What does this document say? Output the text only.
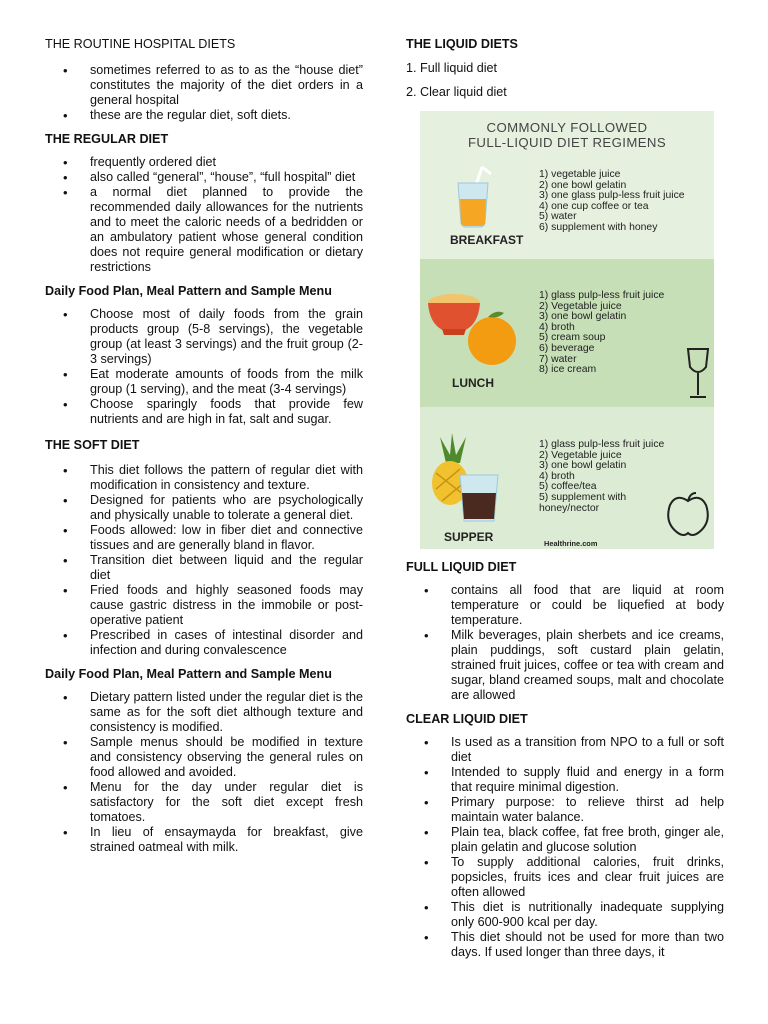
THE ROUTINE HOSPITAL DIETS
• sometimes referred to as to as the “house diet” constitutes the majority of the diet orders in a general hospital
• these are the regular diet, soft diets.
THE REGULAR DIET
• frequently ordered diet
• also called “general”, “house”, “full hospital” diet
• a normal diet planned to provide the recommended daily allowances for the nutrients and to meet the caloric needs of a bedridden or an ambulatory patient whose general condition does not require general modification or dietary restrictions
Daily Food Plan, Meal Pattern and Sample Menu
• Choose most of daily foods from the grain products group (5-8 servings), the vegetable group (at least 3 servings) and the fruit group (2-3 servings)
• Eat moderate amounts of foods from the milk group (1 serving), and the meat (3-4 servings)
• Choose sparingly foods that provide few nutrients and are high in fat, salt and sugar.
THE SOFT DIET
• This diet follows the pattern of regular diet with modification in consistency and texture.
• Designed for patients who are psychologically and physically unable to tolerate a general diet.
• Foods allowed: low in fiber diet and connective tissues and are generally bland in flavor.
• Transition diet between liquid and the regular diet
• Fried foods and highly seasoned foods may cause gastric distress in the immobile or post-operative patient
• Prescribed in cases of intestinal disorder and infection and during convalescence
Daily Food Plan, Meal Pattern and Sample Menu
• Dietary pattern listed under the regular diet is the same as for the soft diet although texture and consistency is modified.
• Sample menus should be modified in texture and consistency observing the general rules on food allowed and avoided.
• Menu for the day under regular diet is satisfactory for the soft diet except fresh tomatoes.
• In lieu of ensaymayda for breakfast, give strained oatmeal with milk.
THE LIQUID DIETS

1. Full liquid diet

2. Clear liquid diet

COMMONLY FOLLOWED
FULL-LIQUID DIET REGIMENS
BREAKFAST
1) vegetable juice
2) one bowl gelatin
3) one glass pulp-less fruit juice
4) one cup coffee or tea
5) water
6) supplement with honey
LUNCH
1) glass pulp-less fruit juice
2) Vegetable juice
3) one bowl gelatin
4) broth
5) cream soup
6) beverage
7) water
8) ice cream
SUPPER
1) glass pulp-less fruit juice
2) Vegetable juice
3) one bowl gelatin
4) broth
5) coffee/tea
5) supplement with
honey/nector
Healthrine.com
FULL LIQUID DIET
• contains all food that are liquid at room temperature or could be liquefied at body temperature.
• Milk beverages, plain sherbets and ice creams, plain puddings, soft custard plain gelatin, strained fruit juices, coffee or tea with cream and sugar, bland creamed soups, malt and chocolate are allowed
CLEAR LIQUID DIET
• Is used as a transition from NPO to a full or soft diet
• Intended to supply fluid and energy in a form that require minimal digestion.
• Primary purpose: to relieve thirst ad help maintain water balance.
• Plain tea, black coffee, fat free broth, ginger ale, plain gelatin and glucose solution
• To supply additional calories, fruit drinks, popsicles, fruits ices and clear fruit juices are often allowed
• This diet is nutritionally inadequate supplying only 600-900 kcal per day.
• This diet should not be used for more than two days. If used longer than three days, it
